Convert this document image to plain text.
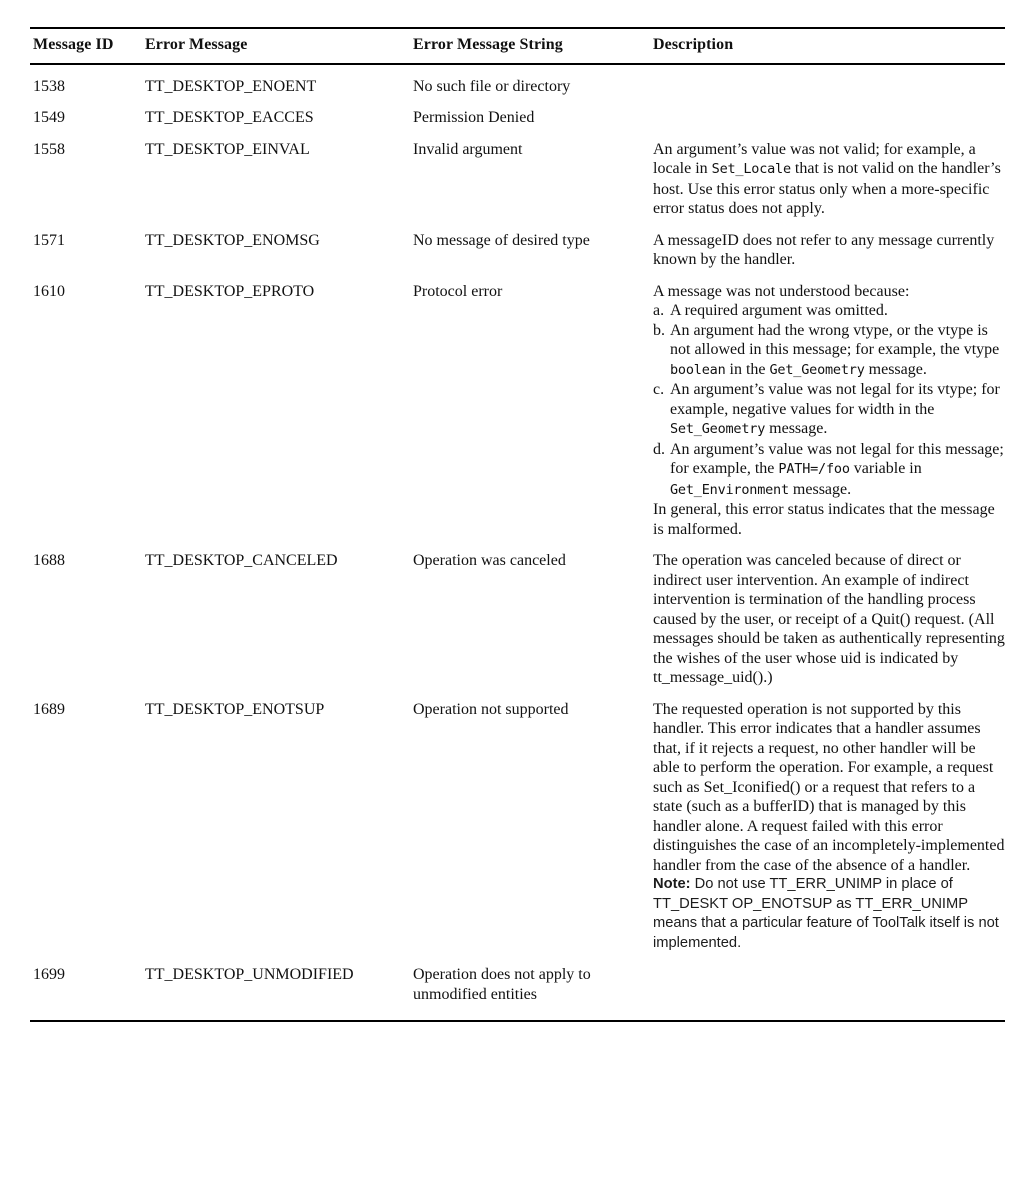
Message ID	Error Message	Error Message String	Description
1538	TT_DESKTOP_ENOENT	No such file or directory
1549	TT_DESKTOP_EACCES	Permission Denied
1558	TT_DESKTOP_EINVAL	Invalid argument	An argument’s value was not valid; for example, a locale in Set_Locale that is not valid on the handler’s host. Use this error status only when a more-specific error status does not apply.
1571	TT_DESKTOP_ENOMSG	No message of desired type	A messageID does not refer to any message currently known by the handler.
1610	TT_DESKTOP_EPROTO	Protocol error	A message was not understood because:
a. A required argument was omitted.
b. An argument had the wrong vtype, or the vtype is not allowed in this message; for example, the vtype boolean in the Get_Geometry message.
c. An argument’s value was not legal for its vtype; for example, negative values for width in the Set_Geometry message.
d. An argument’s value was not legal for this message; for example, the PATH=/foo variable in Get_Environment message.
In general, this error status indicates that the message is malformed.
1688	TT_DESKTOP_CANCELED	Operation was canceled	The operation was canceled because of direct or indirect user intervention. An example of indirect intervention is termination of the handling process caused by the user, or receipt of a Quit() request. (All messages should be taken as authentically representing the wishes of the user whose uid is indicated by tt_message_uid().)
1689	TT_DESKTOP_ENOTSUP	Operation not supported	The requested operation is not supported by this handler. This error indicates that a handler assumes that, if it rejects a request, no other handler will be able to perform the operation. For example, a request such as Set_Iconified() or a request that refers to a state (such as a bufferID) that is managed by this handler alone. A request failed with this error distinguishes the case of an incompletely-implemented handler from the case of the absence of a handler.
Note: Do not use TT_ERR_UNIMP in place of TT_DESKT OP_ENOTSUP as TT_ERR_UNIMP means that a particular feature of ToolTalk itself is not implemented.
1699	TT_DESKTOP_UNMODIFIED	Operation does not apply to unmodified entities
